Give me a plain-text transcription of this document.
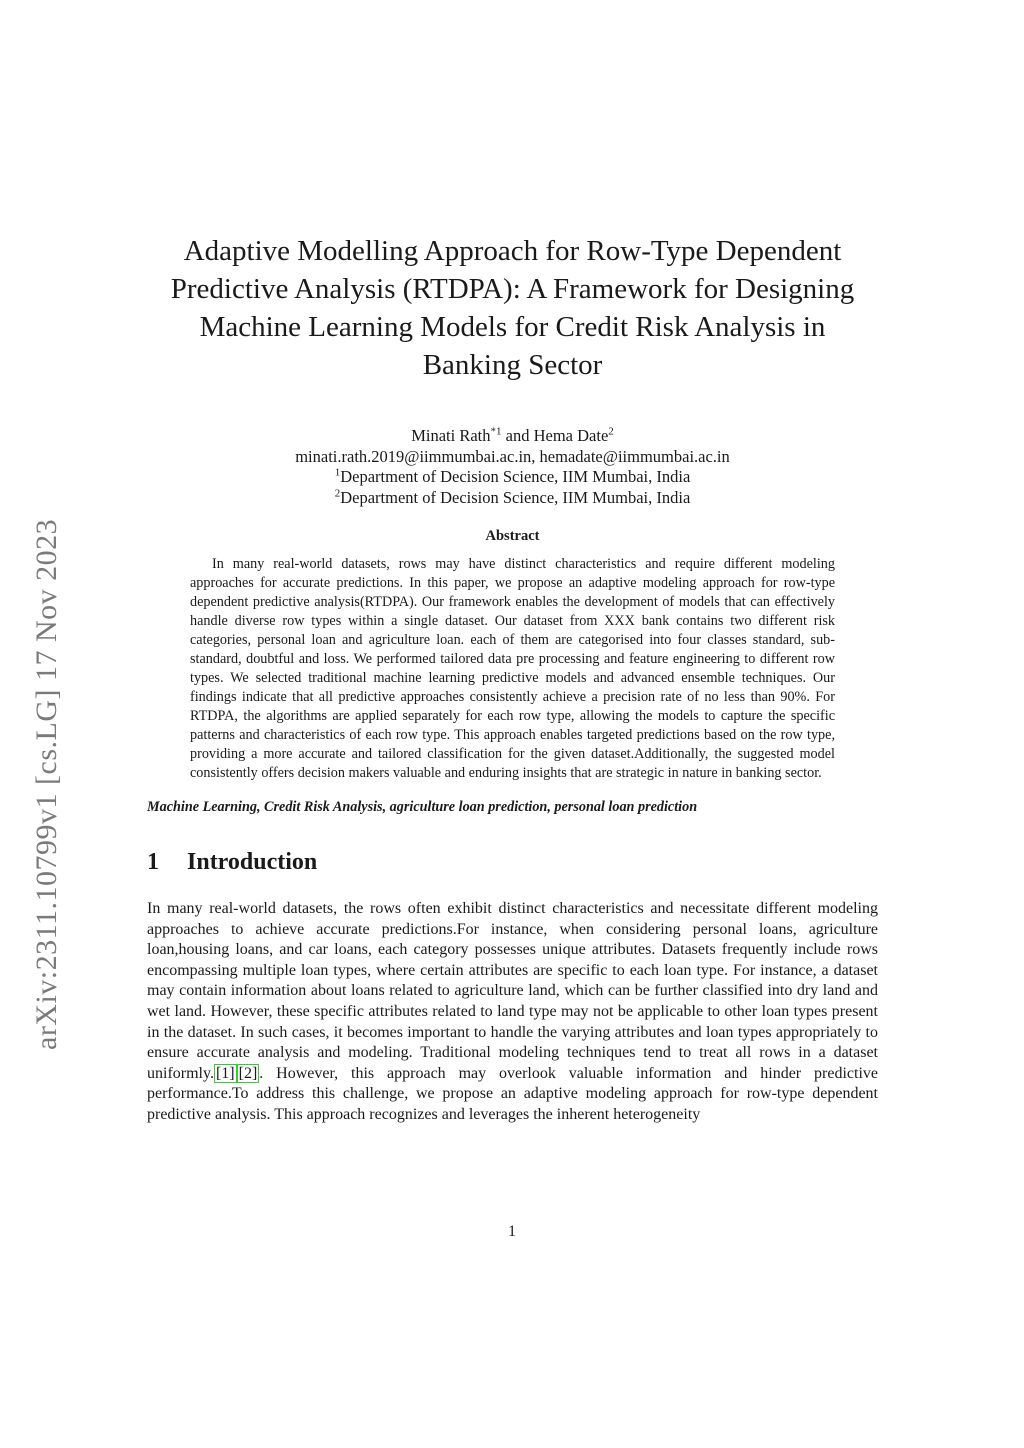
arXiv:2311.10799v1 [cs.LG] 17 Nov 2023
Adaptive Modelling Approach for Row-Type Dependent Predictive Analysis (RTDPA): A Framework for Designing Machine Learning Models for Credit Risk Analysis in Banking Sector
Minati Rath$^{*1}$ and Hema Date$^2$
minati.rath.2019@iimmumbai.ac.in, hemadate@iimmumbai.ac.in
$^1$Department of Decision Science, IIM Mumbai, India
$^2$Department of Decision Science, IIM Mumbai, India
Abstract
In many real-world datasets, rows may have distinct characteristics and require different modeling approaches for accurate predictions. In this paper, we propose an adaptive modeling approach for row-type dependent predictive analysis(RTDPA). Our framework enables the development of models that can effectively handle diverse row types within a single dataset. Our dataset from XXX bank contains two different risk categories, personal loan and agriculture loan. each of them are categorised into four classes standard, sub-standard, doubtful and loss. We performed tailored data pre processing and feature engineering to different row types. We selected traditional machine learning predictive models and advanced ensemble techniques. Our findings indicate that all predictive approaches consistently achieve a precision rate of no less than 90%. For RTDPA, the algorithms are applied separately for each row type, allowing the models to capture the specific patterns and characteristics of each row type. This approach enables targeted predictions based on the row type, providing a more accurate and tailored classification for the given dataset.Additionally, the suggested model consistently offers decision makers valuable and enduring insights that are strategic in nature in banking sector.
Machine Learning, Credit Risk Analysis, agriculture loan prediction, personal loan prediction
1 Introduction
In many real-world datasets, the rows often exhibit distinct characteristics and necessitate different modeling approaches to achieve accurate predictions.For instance, when considering personal loans, agriculture loan,housing loans, and car loans, each category possesses unique attributes. Datasets frequently include rows encompassing multiple loan types, where certain attributes are specific to each loan type. For instance, a dataset may contain information about loans related to agriculture land, which can be further classified into dry land and wet land. However, these specific attributes related to land type may not be applicable to other loan types present in the dataset. In such cases, it becomes important to handle the varying attributes and loan types appropriately to ensure accurate analysis and modeling. Traditional modeling techniques tend to treat all rows in a dataset uniformly. [1] [2] . However, this approach may overlook valuable information and hinder predictive performance.To address this challenge, we propose an adaptive modeling approach for row-type dependent predictive analysis. This approach recognizes and leverages the inherent heterogeneity
1
